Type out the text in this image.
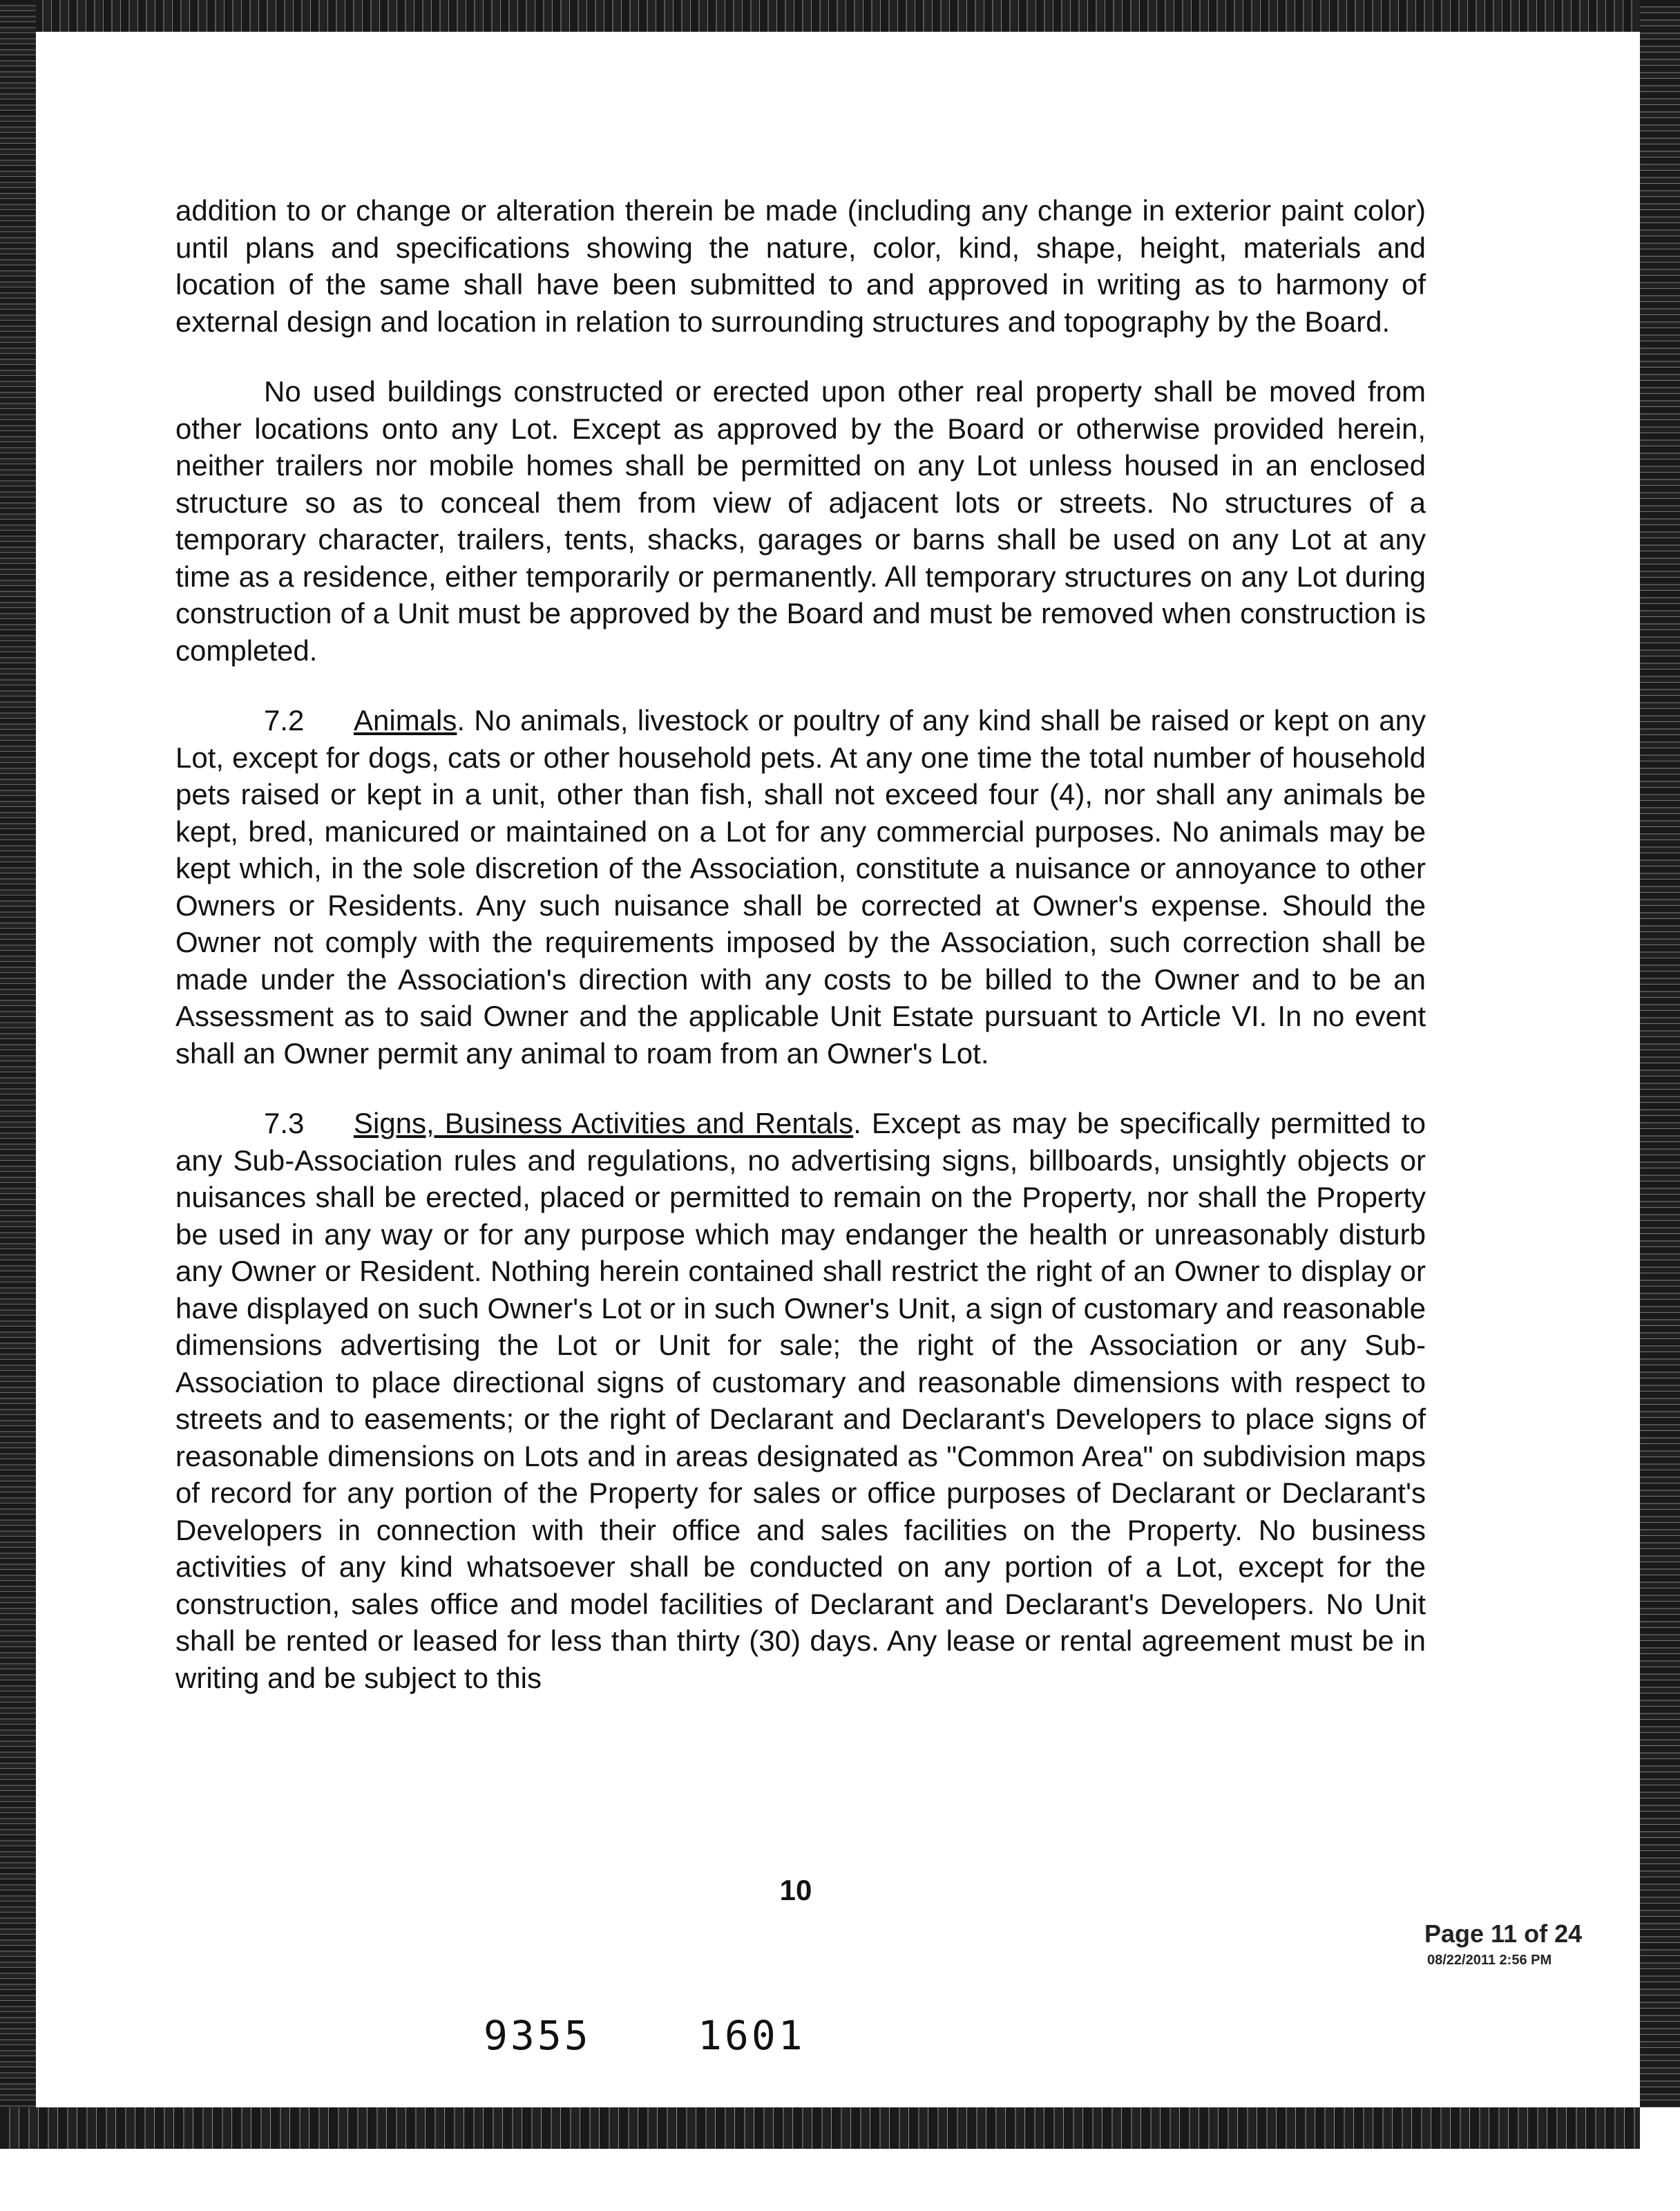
addition to or change or alteration therein be made (including any change in exterior paint color) until plans and specifications showing the nature, color, kind, shape, height, materials and location of the same shall have been submitted to and approved in writing as to harmony of external design and location in relation to surrounding structures and topography by the Board.

No used buildings constructed or erected upon other real property shall be moved from other locations onto any Lot. Except as approved by the Board or otherwise provided herein, neither trailers nor mobile homes shall be permitted on any Lot unless housed in an enclosed structure so as to conceal them from view of adjacent lots or streets. No structures of a temporary character, trailers, tents, shacks, garages or barns shall be used on any Lot at any time as a residence, either temporarily or permanently. All temporary structures on any Lot during construction of a Unit must be approved by the Board and must be removed when construction is completed.

7.2 Animals. No animals, livestock or poultry of any kind shall be raised or kept on any Lot, except for dogs, cats or other household pets. At any one time the total number of household pets raised or kept in a unit, other than fish, shall not exceed four (4), nor shall any animals be kept, bred, manicured or maintained on a Lot for any commercial purposes. No animals may be kept which, in the sole discretion of the Association, constitute a nuisance or annoyance to other Owners or Residents. Any such nuisance shall be corrected at Owner's expense. Should the Owner not comply with the requirements imposed by the Association, such correction shall be made under the Association's direction with any costs to be billed to the Owner and to be an Assessment as to said Owner and the applicable Unit Estate pursuant to Article VI. In no event shall an Owner permit any animal to roam from an Owner's Lot.

7.3 Signs, Business Activities and Rentals. Except as may be specifically permitted to any Sub-Association rules and regulations, no advertising signs, billboards, unsightly objects or nuisances shall be erected, placed or permitted to remain on the Property, nor shall the Property be used in any way or for any purpose which may endanger the health or unreasonably disturb any Owner or Resident. Nothing herein contained shall restrict the right of an Owner to display or have displayed on such Owner's Lot or in such Owner's Unit, a sign of customary and reasonable dimensions advertising the Lot or Unit for sale; the right of the Association or any Sub-Association to place directional signs of customary and reasonable dimensions with respect to streets and to easements; or the right of Declarant and Declarant's Developers to place signs of reasonable dimensions on Lots and in areas designated as "Common Area" on subdivision maps of record for any portion of the Property for sales or office purposes of Declarant or Declarant's Developers in connection with their office and sales facilities on the Property. No business activities of any kind whatsoever shall be conducted on any portion of a Lot, except for the construction, sales office and model facilities of Declarant and Declarant's Developers. No Unit shall be rented or leased for less than thirty (30) days. Any lease or rental agreement must be in writing and be subject to this

10
Page 11 of 24
08/22/2011 2:56 PM
9355	1601
